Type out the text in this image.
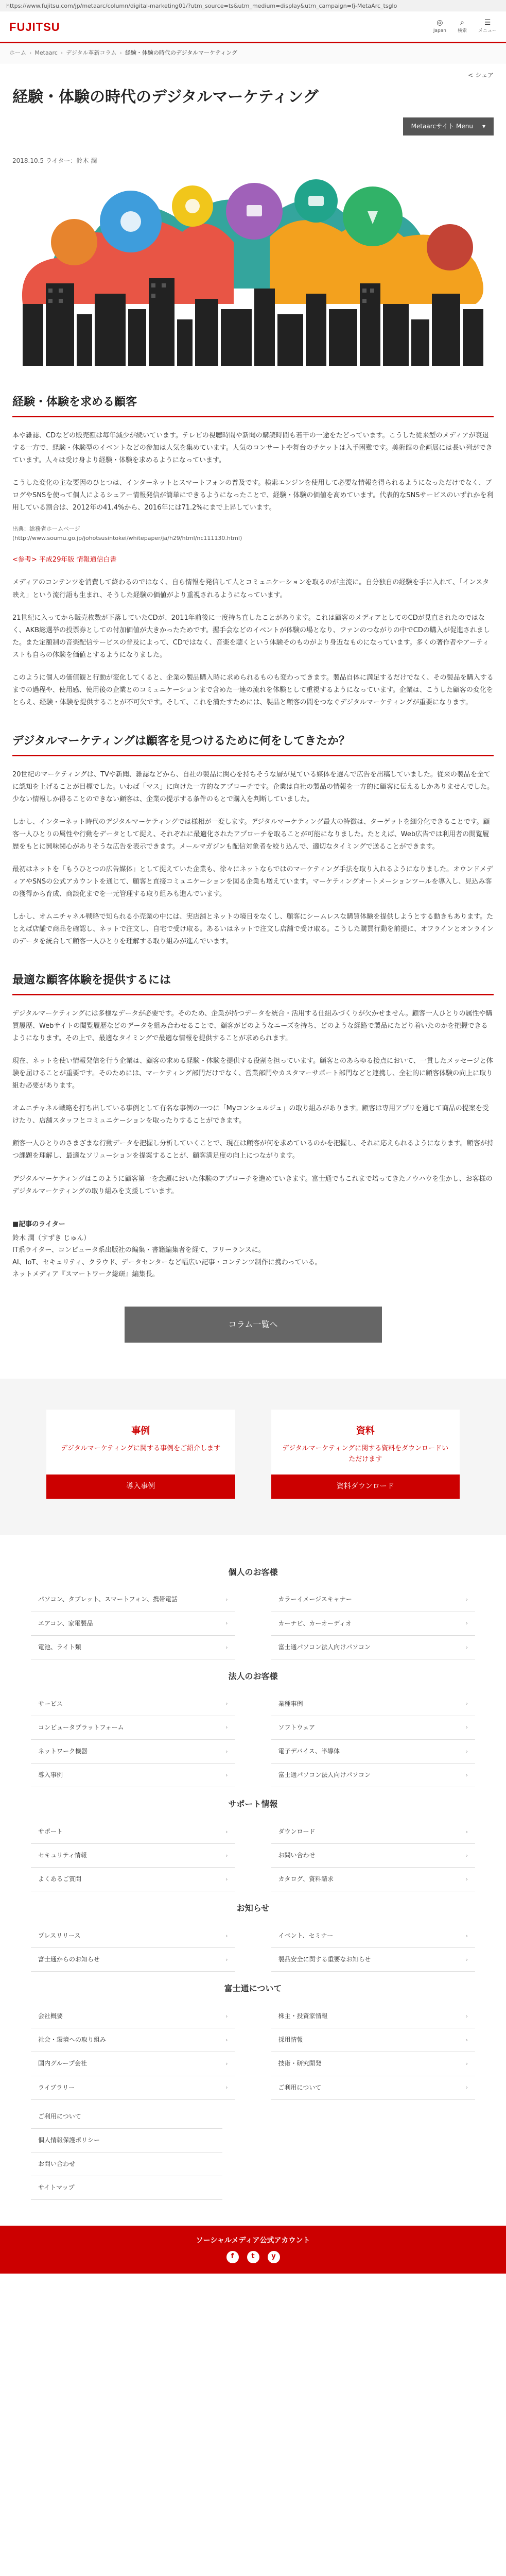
https://www.fujitsu.com/jp/metaarc/column/digital-marketing01/?utm_source=ts&utm_medium=display&utm_campaign=fj-MetaArc_tsglo
FUJITSU	◎
Japan
⌕
検索
☰
メニュー
ホーム › Metaarc › デジタル革新コラム › 経験・体験の時代のデジタルマーケティング
< シェア
経験・体験の時代のデジタルマーケティング
Metaarcサイト Menu ▾
2018.10.5 ライター：鈴木 潤
経験・体験を求める顧客

本や雑誌、CDなどの販売額は毎年減少が続いています。テレビの視聴時間や新聞の購読時間も若干の一途をたどっています。こうした従来型のメディアが衰退する一方で、経験・体験型のイベントなどの参加は人気を集めています。人気のコンサートや舞台のチケットは入手困難です。美術館の企画展には長い列ができています。人々は受け身より経験・体験を求めるようになっています。

こうした変化の主な要因のひとつは、インターネットとスマートフォンの普及です。検索エンジンを使用して必要な情報を得られるようになっただけでなく、ブログやSNSを使って個人によるシェアー情報発信が簡単にできるようになったことで、経験・体験の価値を高めています。代表的なSNSサービスのいずれかを利用している割合は、2012年の41.4%から、2016年には71.2%にまで上昇しています。

出典：総務省ホームページ
(http://www.soumu.go.jp/johotsusintokei/whitepaper/ja/h29/html/nc111130.html)

<参考> 平成29年版 情報通信白書

メディアのコンテンツを消費して終わるのではなく、自ら情報を発信して人とコミュニケーションを取るのが主流に。自分独自の経験を手に入れて、「インスタ映え」という流行語も生まれ、そうした経験の価値がより重視されるようになっています。

21世紀に入ってから販売枚数が下落していたCDが、2011年前後に一度持ち直したことがあります。これは顧客のメディアとしてのCDが見直されたのではなく、AKB総選挙の投票券としての付加価値が大きかったためです。握手会などのイベントが体験の場となり、ファンのつながりの中でCDの購入が促進されました。また定額制の音楽配信サービスの普及によって、CDではなく、音楽を聴くという体験そのものがより身近なものになっています。多くの著作者やアーティストも自らの体験を価値とするようになりました。

このように個人の価値観と行動が変化してくると、企業の製品購入時に求められるものも変わってきます。製品自体に満足するだけでなく、その製品を購入するまでの過程や、使用感、使用後の企業とのコミュニケーションまで含めた一連の流れを体験として重視するようになっています。企業は、こうした顧客の変化をとらえ、経験・体験を提供することが不可欠です。そして、これを満たすためには、製品と顧客の間をつなぐデジタルマーケティングが重要になります。

デジタルマーケティングは顧客を見つけるために何をしてきたか？

20世紀のマーケティングは、TVや新聞、雑誌などから、自社の製品に関心を持ちそうな層が見ている媒体を選んで広告を出稿していました。従来の製品を全てに認知を上げることが目標でした。いわば「マス」に向けた一方的なアプローチです。企業は自社の製品の情報を一方的に顧客に伝えるしかありませんでした。少ない情報しか得ることのできない顧客は、企業の提示する条件のもとで購入を判断していました。

しかし、インターネット時代のデジタルマーケティングでは様相が一変します。デジタルマーケティング最大の特徴は、ターゲットを細分化できることです。顧客一人ひとりの属性や行動をデータとして捉え、それぞれに最適化されたアプローチを取ることが可能になりました。たとえば、Web広告では利用者の閲覧履歴をもとに興味関心がありそうな広告を表示できます。メールマガジンも配信対象者を絞り込んで、適切なタイミングで送ることができます。

最初はネットを「もうひとつの広告媒体」として捉えていた企業も、徐々にネットならではのマーケティング手法を取り入れるようになりました。オウンドメディアやSNSの公式アカウントを通じて、顧客と直接コミュニケーションを図る企業も増えています。マーケティングオートメーションツールを導入し、見込み客の獲得から育成、商談化までを一元管理する取り組みも進んでいます。

しかし、オムニチャネル戦略で知られる小売業の中には、実店舗とネットの境目をなくし、顧客にシームレスな購買体験を提供しようとする動きもあります。たとえば店舗で商品を確認し、ネットで注文し、自宅で受け取る。あるいはネットで注文し店舗で受け取る。こうした購買行動を前提に、オフラインとオンラインのデータを統合して顧客一人ひとりを理解する取り組みが進んでいます。

最適な顧客体験を提供するには

デジタルマーケティングには多様なデータが必要です。そのため、企業が持つデータを統合・活用する仕組みづくりが欠かせません。顧客一人ひとりの属性や購買履歴、Webサイトの閲覧履歴などのデータを組み合わせることで、顧客がどのようなニーズを持ち、どのような経路で製品にたどり着いたのかを把握できるようになります。その上で、最適なタイミングで最適な情報を提供することが求められます。

現在、ネットを使い情報発信を行う企業は、顧客の求める経験・体験を提供する役割を担っています。顧客とのあらゆる接点において、一貫したメッセージと体験を届けることが重要です。そのためには、マーケティング部門だけでなく、営業部門やカスタマーサポート部門などと連携し、全社的に顧客体験の向上に取り組む必要があります。

オムニチャネル戦略を打ち出している事例として有名な事例の一つに「Myコンシェルジュ」の取り組みがあります。顧客は専用アプリを通じて商品の提案を受けたり、店舗スタッフとコミュニケーションを取ったりすることができます。

顧客一人ひとりのさまざまな行動データを把握し分析していくことで、現在は顧客が何を求めているのかを把握し、それに応えられるようになります。顧客が持つ課題を理解し、最適なソリューションを提案することが、顧客満足度の向上につながります。

デジタルマーケティングはこのように顧客第一を念頭においた体験のアプローチを進めていきます。富士通でもこれまで培ってきたノウハウを生かし、お客様のデジタルマーケティングの取り組みを支援しています。

■記事のライター
鈴木 潤（すずき じゅん）
IT系ライター、コンピュータ系出版社の編集・書籍編集者を経て、フリーランスに。
AI、IoT、セキュリティ、クラウド、データセンターなど幅広い記事・コンテンツ制作に携わっている。
ネットメディア『スマートワーク総研』編集長。
コラム一覧へ
事例
デジタルマーケティングに関する事例をご紹介します
導入事例
資料
デジタルマーケティングに関する資料をダウンロードいただけます
資料ダウンロード
個人のお客様
パソコン、タブレット、スマートフォン、携帯電話	›	カラーイメージスキャナー	›
エアコン、家電製品	›	カーナビ、カーオーディオ	›
電池、ライト類	›	富士通パソコン法人向けパソコン	›
法人のお客様
サービス	›	業種事例	›
コンピュータプラットフォーム	›	ソフトウェア	›
ネットワーク機器	›	電子デバイス、半導体	›
導入事例	›	富士通パソコン法人向けパソコン	›
サポート情報
サポート	›	ダウンロード	›
セキュリティ情報	›	お問い合わせ	›
よくあるご質問	›	カタログ、資料請求	›
お知らせ
プレスリリース	›	イベント、セミナー	›
富士通からのお知らせ	›	製品安全に関する重要なお知らせ	›
富士通について
会社概要	›	株主・投資家情報	›
社会・環境への取り組み	›	採用情報	›
国内グループ会社	›	技術・研究開発	›
ライブラリー	›	ご利用について	›
ご利用について
個人情報保護ポリシー
お問い合わせ
サイトマップ
ソーシャルメディア公式アカウント
f	t	y
